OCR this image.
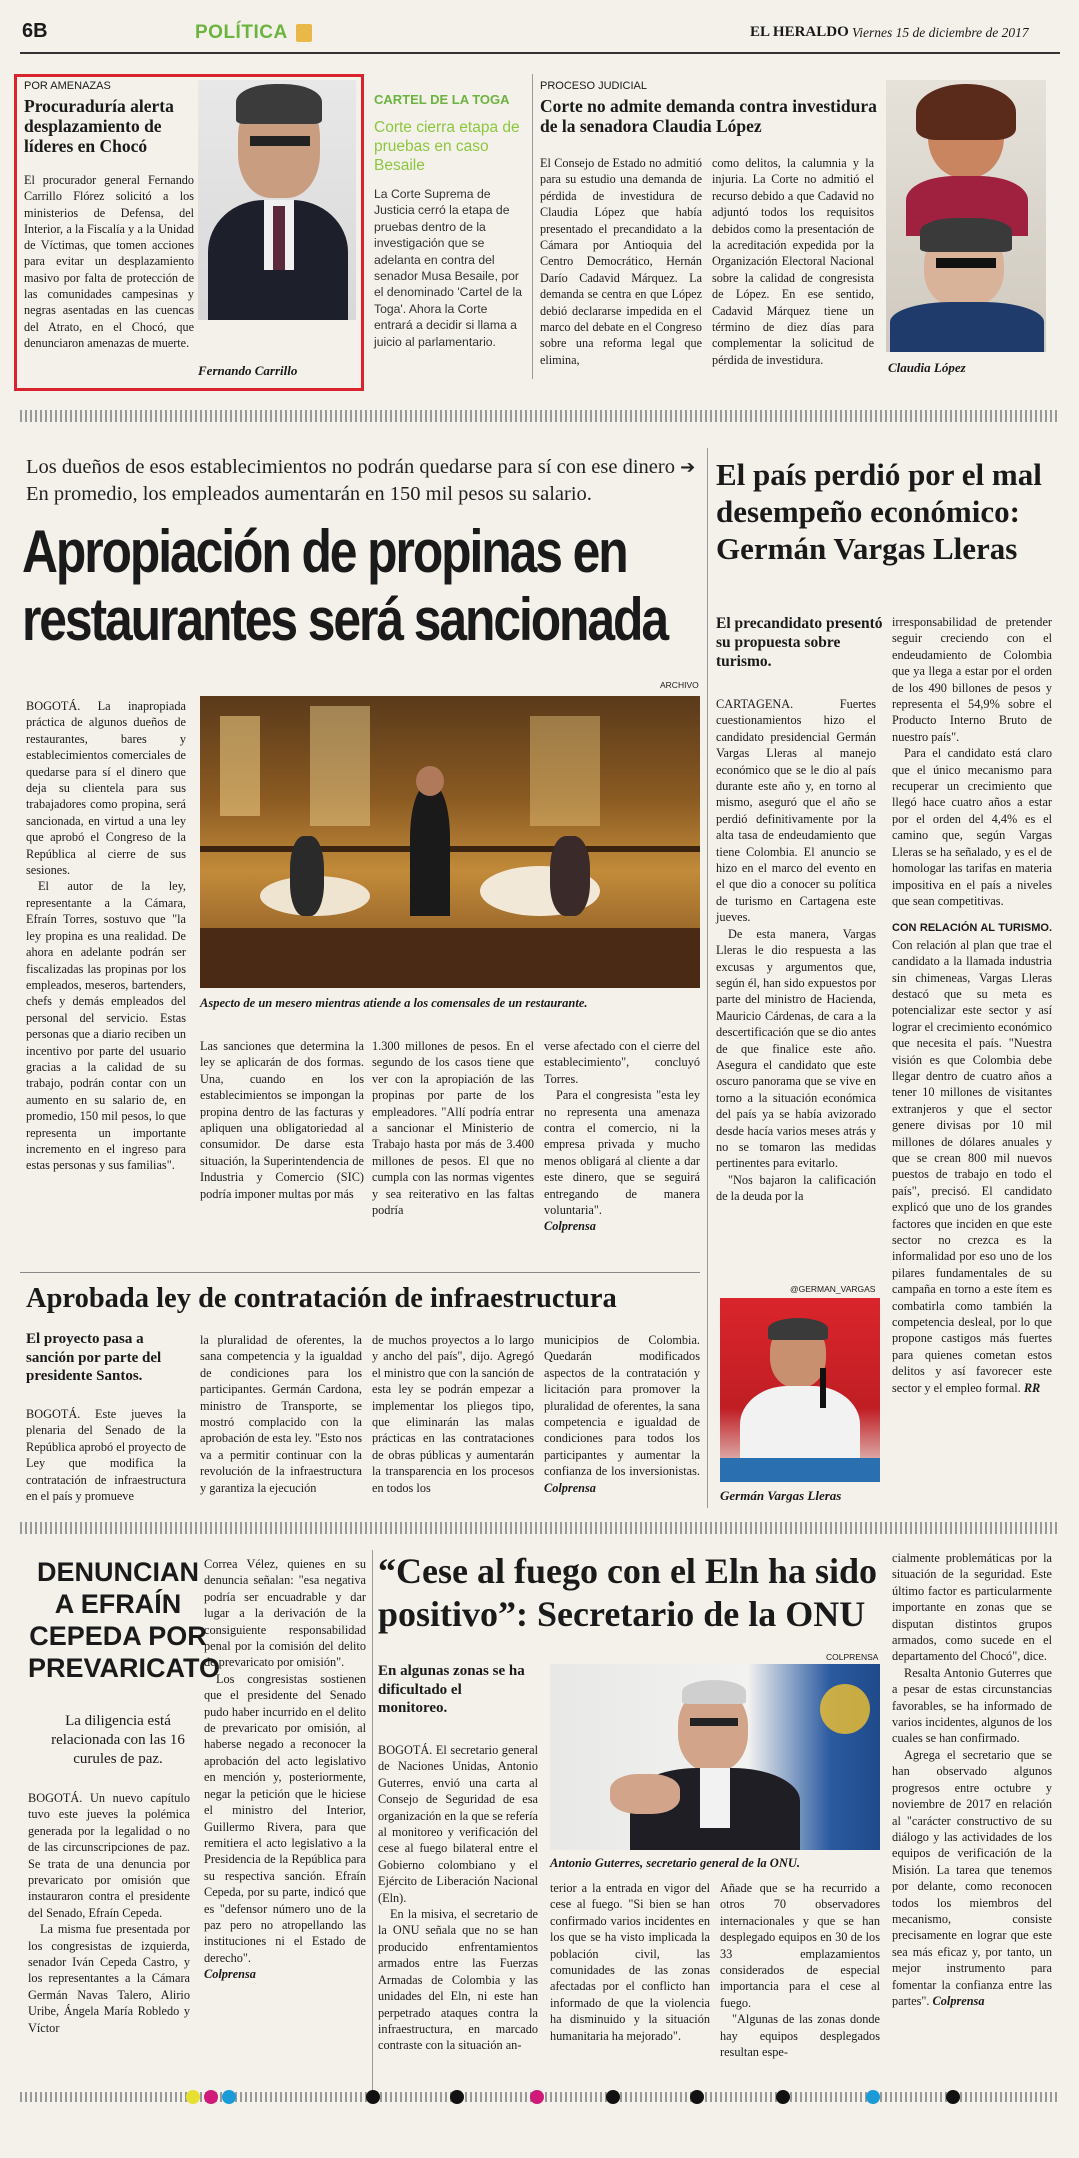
6B	POLÍTICA	EL HERALDO Viernes 15 de diciembre de 2017
POR AMENAZAS
Procuraduría alerta desplazamiento de líderes en Chocó
El procurador general Fernando Carrillo Flórez solicitó a los ministerios de Defensa, del Interior, a la Fiscalía y a la Unidad de Víctimas, que tomen acciones para evitar un desplazamiento masivo por falta de protección de las comunidades campesinas y negras asentadas en las cuencas del Atrato, en el Chocó, que denunciaron amenazas de muerte.
Fernando Carrillo
CARTEL DE LA TOGA
Corte cierra etapa de pruebas en caso Besaile
La Corte Suprema de Justicia cerró la etapa de pruebas dentro de la investigación que se adelanta en contra del senador Musa Besaile, por el denominado 'Cartel de la Toga'. Ahora la Corte entrará a decidir si llama a juicio al parlamentario.
PROCESO JUDICIAL
Corte no admite demanda contra investidura de la senadora Claudia López
El Consejo de Estado no admitió para su estudio una demanda de pérdida de investidura de Claudia López que había presentado el precandidato a la Cámara por Antioquia del Centro Democrático, Hernán Darío Cadavid Márquez. La demanda se centra en que López debió declararse impedida en el marco del debate en el Congreso sobre una reforma legal que elimina,
como delitos, la calumnia y la injuria. La Corte no admitió el recurso debido a que Cadavid no adjuntó todos los requisitos debidos como la presentación de la acreditación expedida por la Organización Electoral Nacional sobre la calidad de congresista de López. En ese sentido, Cadavid Márquez tiene un término de diez días para complementar la solicitud de pérdida de investidura.
Claudia López
Los dueños de esos establecimientos no podrán quedarse para sí con ese dinero ➔ En promedio, los empleados aumentarán en 150 mil pesos su salario.
Apropiación de propinas en
restaurantes será sancionada
ARCHIVO
Aspecto de un mesero mientras atiende a los comensales de un restaurante.

BOGOTÁ. La inapropiada práctica de algunos dueños de restaurantes, bares y establecimientos comerciales de quedarse para sí el dinero que deja su clientela para sus trabajadores como propina, será sancionada, en virtud a una ley que aprobó el Congreso de la República al cierre de sus sesiones.

El autor de la ley, representante a la Cámara, Efraín Torres, sostuvo que "la ley propina es una realidad. De ahora en adelante podrán ser fiscalizadas las propinas por los empleados, meseros, bartenders, chefs y demás empleados del personal del servicio. Estas personas que a diario reciben un incentivo por parte del usuario gracias a la calidad de su trabajo, podrán contar con un aumento en su salario de, en promedio, 150 mil pesos, lo que representa un importante incremento en el ingreso para estas personas y sus familias".

Las sanciones que determina la ley se aplicarán de dos formas. Una, cuando en los establecimientos se impongan la propina dentro de las facturas y apliquen una obligatoriedad al consumidor. De darse esta situación, la Superintendencia de Industria y Comercio (SIC) podría imponer multas por más
1.300 millones de pesos. En el segundo de los casos tiene que ver con la apropiación de las propinas por parte de los empleadores. "Allí podría entrar a sancionar el Ministerio de Trabajo hasta por más de 3.400 millones de pesos. El que no cumpla con las normas vigentes y sea reiterativo en las faltas podría

verse afectado con el cierre del establecimiento", concluyó Torres.

Para el congresista "esta ley no representa una amenaza contra el comercio, ni la empresa privada y mucho menos obligará al cliente a dar este dinero, que se seguirá entregando de manera voluntaria".

Colprensa

El país perdió por el mal desempeño económico: Germán Vargas Lleras
El precandidato presentó su propuesta sobre turismo.

CARTAGENA. Fuertes cuestionamientos hizo el candidato presidencial Germán Vargas Lleras al manejo económico que se le dio al país durante este año y, en torno al mismo, aseguró que el año se perdió definitivamente por la alta tasa de endeudamiento que tiene Colombia. El anuncio se hizo en el marco del evento en el que dio a conocer su política de turismo en Cartagena este jueves.

De esta manera, Vargas Lleras le dio respuesta a las excusas y argumentos que, según él, han sido expuestos por parte del ministro de Hacienda, Mauricio Cárdenas, de cara a la descertificación que se dio antes de que finalice este año. Asegura el candidato que este oscuro panorama que se vive en torno a la situación económica del país ya se había avizorado desde hacía varios meses atrás y no se tomaron las medidas pertinentes para evitarlo.

"Nos bajaron la calificación de la deuda por la

irresponsabilidad de pretender seguir creciendo con el endeudamiento de Colombia que ya llega a estar por el orden de los 490 billones de pesos y representa el 54,9% sobre el Producto Interno Bruto de nuestro país".

Para el candidato está claro que el único mecanismo para recuperar un crecimiento que llegó hace cuatro años a estar por el orden del 4,4% es el camino que, según Vargas Lleras se ha señalado, y es el de homologar las tarifas en materia impositiva en el país a niveles que sean competitivas.

CON RELACIÓN AL TURISMO. Con relación al plan que trae el candidato a la llamada industria sin chimeneas, Vargas Lleras destacó que su meta es potencializar este sector y así lograr el crecimiento económico que necesita el país. "Nuestra visión es que Colombia debe llegar dentro de cuatro años a tener 10 millones de visitantes extranjeros y que el sector genere divisas por 10 mil millones de dólares anuales y que se crean 800 mil nuevos puestos de trabajo en todo el país", precisó. El candidato explicó que uno de los grandes factores que inciden en que este sector no crezca es la informalidad por eso uno de los pilares fundamentales de su campaña en torno a este ítem es combatirla como también la competencia desleal, por lo que propone castigos más fuertes para quienes cometan estos delitos y así favorecer este sector y el empleo formal. RR

@GERMAN_VARGAS
Germán Vargas Lleras
Aprobada ley de contratación de infraestructura
El proyecto pasa a sanción por parte del presidente Santos.
BOGOTÁ. Este jueves la plenaria del Senado de la República aprobó el proyecto de Ley que modifica la contratación de infraestructura en el país y promueve
la pluralidad de oferentes, la sana competencia y la igualdad de condiciones para los participantes. Germán Cardona, ministro de Transporte, se mostró complacido con la aprobación de esta ley. "Esto nos va a permitir continuar con la revolución de la infraestructura y garantiza la ejecución
de muchos proyectos a lo largo y ancho del país", dijo. Agregó el ministro que con la sanción de esta ley se podrán empezar a implementar los pliegos tipo, que eliminarán las malas prácticas en las contrataciones de obras públicas y aumentarán la transparencia en los procesos en todos los

municipios de Colombia. Quedarán modificados aspectos de la contratación y licitación para promover la pluralidad de oferentes, la sana competencia e igualdad de condiciones para todos los participantes y aumentar la confianza de los inversionistas. Colprensa

DENUNCIAN A EFRAÍN CEPEDA POR PREVARICATO
La diligencia está relacionada con las 16 curules de paz.

BOGOTÁ. Un nuevo capítulo tuvo este jueves la polémica generada por la legalidad o no de las circunscripciones de paz. Se trata de una denuncia por prevaricato por omisión que instauraron contra el presidente del Senado, Efraín Cepeda.

La misma fue presentada por los congresistas de izquierda, senador Iván Cepeda Castro, y los representantes a la Cámara Germán Navas Talero, Alirio Uribe, Ángela María Robledo y Víctor

Correa Vélez, quienes en su denuncia señalan: "esa negativa podría ser encuadrable y dar lugar a la derivación de la consiguiente responsabilidad penal por la comisión del delito de prevaricato por omisión".

Los congresistas sostienen que el presidente del Senado pudo haber incurrido en el delito de prevaricato por omisión, al haberse negado a reconocer la aprobación del acto legislativo en mención y, posteriormente, negar la petición que le hiciese el ministro del Interior, Guillermo Rivera, para que remitiera el acto legislativo a la Presidencia de la República para su respectiva sanción. Efraín Cepeda, por su parte, indicó que es "defensor número uno de la paz pero no atropellando las instituciones ni el Estado de derecho".

Colprensa

“Cese al fuego con el Eln ha sido positivo”: Secretario de la ONU
En algunas zonas se ha dificultado el monitoreo.

BOGOTÁ. El secretario general de Naciones Unidas, Antonio Guterres, envió una carta al Consejo de Seguridad de esa organización en la que se refería al monitoreo y verificación del cese al fuego bilateral entre el Gobierno colombiano y el Ejército de Liberación Nacional (Eln).

En la misiva, el secretario de la ONU señala que no se han producido enfrentamientos armados entre las Fuerzas Armadas de Colombia y las unidades del Eln, ni este han perpetrado ataques contra la infraestructura, en marcado contraste con la situación an-

COLPRENSA
Antonio Guterres, secretario general de la ONU.
terior a la entrada en vigor del cese al fuego. "Si bien se han confirmado varios incidentes en los que se ha visto implicada la población civil, las comunidades de las zonas afectadas por el conflicto han informado de que la violencia ha disminuido y la situación humanitaria ha mejorado".

Añade que se ha recurrido a otros 70 observadores internacionales y que se han desplegado equipos en 30 de los 33 emplazamientos considerados de especial importancia para el cese al fuego.

"Algunas de las zonas donde hay equipos desplegados resultan espe-

cialmente problemáticas por la situación de la seguridad. Este último factor es particularmente importante en zonas que se disputan distintos grupos armados, como sucede en el departamento del Chocó", dice.

Resalta Antonio Guterres que a pesar de estas circunstancias favorables, se ha informado de varios incidentes, algunos de los cuales se han confirmado.

Agrega el secretario que se han observado algunos progresos entre octubre y noviembre de 2017 en relación al "carácter constructivo de su diálogo y las actividades de los equipos de verificación de la Misión. La tarea que tenemos por delante, como reconocen todos los miembros del mecanismo, consiste precisamente en lograr que este sea más eficaz y, por tanto, un mejor instrumento para fomentar la confianza entre las partes". Colprensa
